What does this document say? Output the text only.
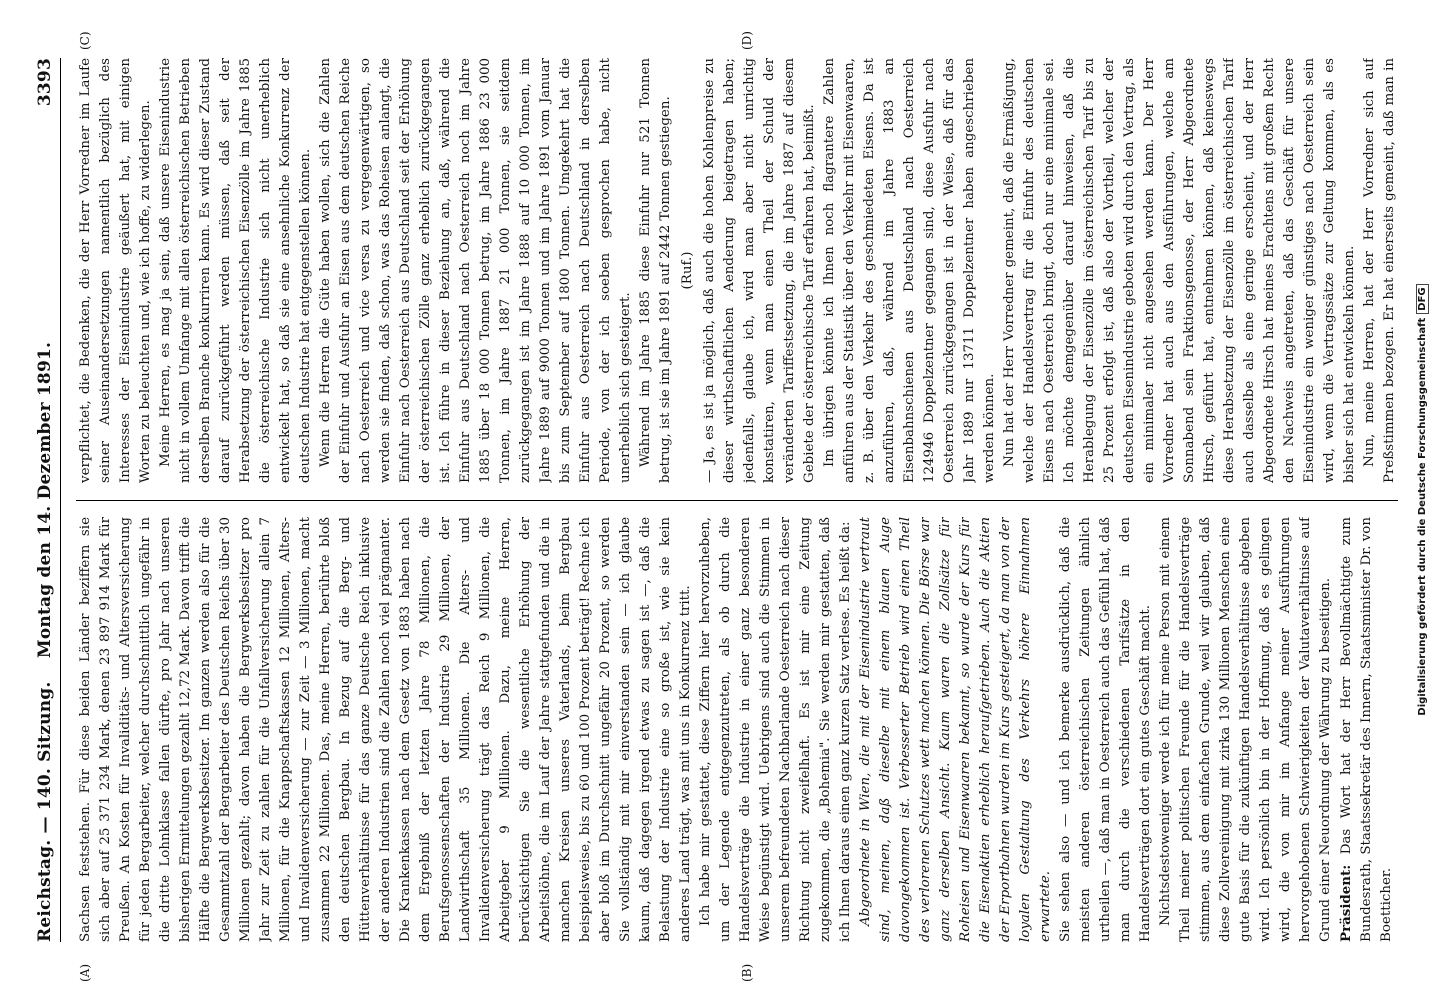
Reichstag. — 140. Sitzung.
Montag den 14. Dezember 1891.
3393
(A)	(B)
(C)	(D)

Sachsen feststehen. Für diese beiden Länder beziffern sie sich aber auf 25 371 234 Mark, denen 23 897 914 Mark für Preußen. An Kosten für Invaliditäts- und Altersversicherung für jeden Bergarbeiter, welcher durchschnittlich ungefähr in die dritte Lohnklasse fallen dürfte, pro Jahr nach unseren bisherigen Ermittelungen gezahlt 12,72 Mark. Davon trifft die Hälfte die Bergwerksbesitzer. Im ganzen werden also für die Gesammtzahl der Bergarbeiter des Deutschen Reichs über 30 Millionen gezahlt; davon haben die Bergwerksbesitzer pro Jahr zur Zeit zu zahlen für die Unfallversicherung allein 7 Millionen, für die Knappschaftskassen 12 Millionen, Alters- und Invalidenversicherung — zur Zeit — 3 Millionen, macht zusammen 22 Millionen. Das, meine Herren, berührte bloß den deutschen Bergbau. In Bezug auf die Berg- und Hüttenverhältnisse für das ganze Deutsche Reich inklusive der anderen Industrien sind die Zahlen noch viel prägnanter. Die Krankenkassen nach dem Gesetz von 1883 haben nach dem Ergebniß der letzten Jahre 78 Millionen, die Berufsgenossenschaften der Industrie 29 Millionen, der Landwirthschaft 35 Millionen. Die Alters- und Invalidenversicherung trägt das Reich 9 Millionen, die Arbeitgeber 9 Millionen. Dazu, meine Herren, berücksichtigen Sie die wesentliche Erhöhung der Arbeitslöhne, die im Lauf der Jahre stattgefunden und die in manchen Kreisen unseres Vaterlands, beim Bergbau beispielsweise, bis zu 60 und 100 Prozent beträgt! Rechne ich aber bloß im Durchschnitt ungefähr 20 Prozent, so werden Sie vollständig mit mir einverstanden sein — ich glaube kaum, daß dagegen irgend etwas zu sagen ist —, daß die Belastung der Industrie eine so große ist, wie sie kein anderes Land trägt, was mit uns in Konkurrenz tritt. Ich habe mir gestattet, diese Ziffern hier hervorzuheben, um der Legende entgegenzutreten, als ob durch die Handelsverträge die Industrie in einer ganz besonderen Weise begünstigt wird. Uebrigens sind auch die Stimmen in unserem befreundeten Nachbarlande Oesterreich nach dieser Richtung nicht zweifelhaft. Es ist mir eine Zeitung zugekommen, die „Bohemia". Sie werden mir gestatten, daß ich Ihnen daraus einen ganz kurzen Satz verlese. Es heißt da: Abgeordnete in Wien, die mit der Eisenindustrie vertraut sind, meinen, daß dieselbe mit einem blauen Auge davongekommen ist. Verbesserter Betrieb wird einen Theil des verlorenen Schutzes wett machen können. Die Börse war ganz derselben Ansicht. Kaum waren die Zollsätze für Roheisen und Eisenwaaren bekannt, so wurde der Kurs für die Eisenaktien erheblich heraufgetrieben. Auch die Aktien der Erportbahnen wurden im Kurs gesteigert, da man von der loyalen Gestaltung des Verkehrs höhere Einnahmen erwartete. Sie sehen also — und ich bemerke ausdrücklich, daß die meisten anderen österreichischen Zeitungen ähnlich urtheilen —, daß man in Oesterreich auch das Gefühl hat, daß man durch die verschiedenen Tarifsätze in den Handelsverträgen dort ein gutes Geschäft macht. Nichtsdestoweniger werde ich für meine Person mit einem Theil meiner politischen Freunde für die Handelsverträge stimmen, aus dem einfachen Grunde, weil wir glauben, daß diese Zollvereinigung mit zirka 130 Millionen Menschen eine gute Basis für die zukünftigen Handelsverhältnisse abgeben wird. Ich persönlich bin in der Hoffnung, daß es gelingen wird, die von mir im Anfange meiner Ausführungen hervorgehobenen Schwierigkeiten der Valutaverhältnisse auf Grund einer Neuordnung der Währung zu beseitigen. Präsident: Das Wort hat der Herr Bevollmächtigte zum Bundesrath, Staatssekretär des Innern, Staatsminister Dr. von Boetticher.

verpflichtet, die Bedenken, die der Herr Vorredner im Laufe seiner Auseinandersetzungen namentlich bezüglich des Interesses der Eisenindustrie geäußert hat, mit einigen Worten zu beleuchten und, wie ich hoffe, zu widerlegen. Meine Herren, es mag ja sein, daß unsere Eisenindustrie nicht in vollem Umfange mit allen österreichischen Betrieben derselben Branche konkurriren kann. Es wird dieser Zustand darauf zurückgeführt werden müssen, daß seit der Herabsetzung der österreichischen Eisenzölle im Jahre 1885 die österreichische Industrie sich nicht unerheblich entwickelt hat, so daß sie eine ansehnliche Konkurrenz der deutschen Industrie hat entgegenstellen können. Wenn die Herren die Güte haben wollen, sich die Zahlen der Einfuhr und Ausfuhr an Eisen aus dem deutschen Reiche nach Oesterreich und vice versa zu vergegenwärtigen, so werden sie finden, daß schon, was das Roheisen anlangt, die Einfuhr nach Oesterreich aus Deutschland seit der Erhöhung der österreichischen Zölle ganz erheblich zurückgegangen ist. Ich führe in dieser Beziehung an, daß, während die Einfuhr aus Deutschland nach Oesterreich noch im Jahre 1885 über 18 000 Tonnen betrug, im Jahre 1886 23 000 Tonnen, im Jahre 1887 21 000 Tonnen, sie seitdem zurückgegangen ist im Jahre 1888 auf 10 000 Tonnen, im Jahre 1889 auf 9000 Tonnen und im Jahre 1891 vom Januar bis zum September auf 1800 Tonnen. Umgekehrt hat die Einfuhr aus Oesterreich nach Deutschland in derselben Periode, von der ich soeben gesprochen habe, nicht unerheblich sich gesteigert. Während im Jahre 1885 diese Einfuhr nur 521 Tonnen betrug, ist sie im Jahre 1891 auf 2442 Tonnen gestiegen. (Ruf.) — Ja, es ist ja möglich, daß auch die hohen Kohlenpreise zu dieser wirthschaftlichen Aenderung beigetragen haben; jedenfalls, glaube ich, wird man aber nicht unrichtig konstatiren, wenn man einen Theil der Schuld der veränderten Tariffestsetzung, die im Jahre 1887 auf diesem Gebiete der österreichische Tarif erfahren hat, beimißt. Im übrigen könnte ich Ihnen noch flagrantere Zahlen anführen aus der Statistik über den Verkehr mit Eisenwaaren, z. B. über den Verkehr des geschmiedeten Eisens. Da ist anzuführen, daß, während im Jahre 1883 an Eisenbahnschienen aus Deutschland nach Oesterreich 124946 Doppelzentner gegangen sind, diese Ausfuhr nach Oesterreich zurückgegangen ist in der Weise, daß für das Jahr 1889 nur 13711 Doppelzentner haben angeschrieben werden können. Nun hat der Herr Vorredner gemeint, daß die Ermäßigung, welche der Handelsvertrag für die Einfuhr des deutschen Eisens nach Oesterreich bringt, doch nur eine minimale sei. Ich möchte demgegenüber darauf hinweisen, daß die Herablegung der Eisenzölle im österreichischen Tarif bis zu 25 Prozent erfolgt ist, daß also der Vortheil, welcher der deutschen Eisenindustrie geboten wird durch den Vertrag, als ein minimaler nicht angesehen werden kann. Der Herr Vorredner hat auch aus den Ausführungen, welche am Sonnabend sein Fraktionsgenosse, der Herr Abgeordnete Hirsch, geführt hat, entnehmen können, daß keineswegs diese Herabsetzung der Eisenzölle im österreichischen Tarif auch dasselbe als eine geringe erscheint, und der Herr Abgeordnete Hirsch hat meines Erachtens mit großem Recht den Nachweis angetreten, daß das Geschäft für unsere Eisenindustrie ein weniger günstiges nach Oesterreich sein wird, wenn die Vertragssätze zur Geltung kommen, als es bisher sich hat entwickeln können. Nun, meine Herren, hat der Herr Vorredner sich auf Preßstimmen bezogen. Er hat einerseits gemeint, daß man in

Digitalisierung gefördert durch die Deutsche ForschungsgemeinschaftDFG
